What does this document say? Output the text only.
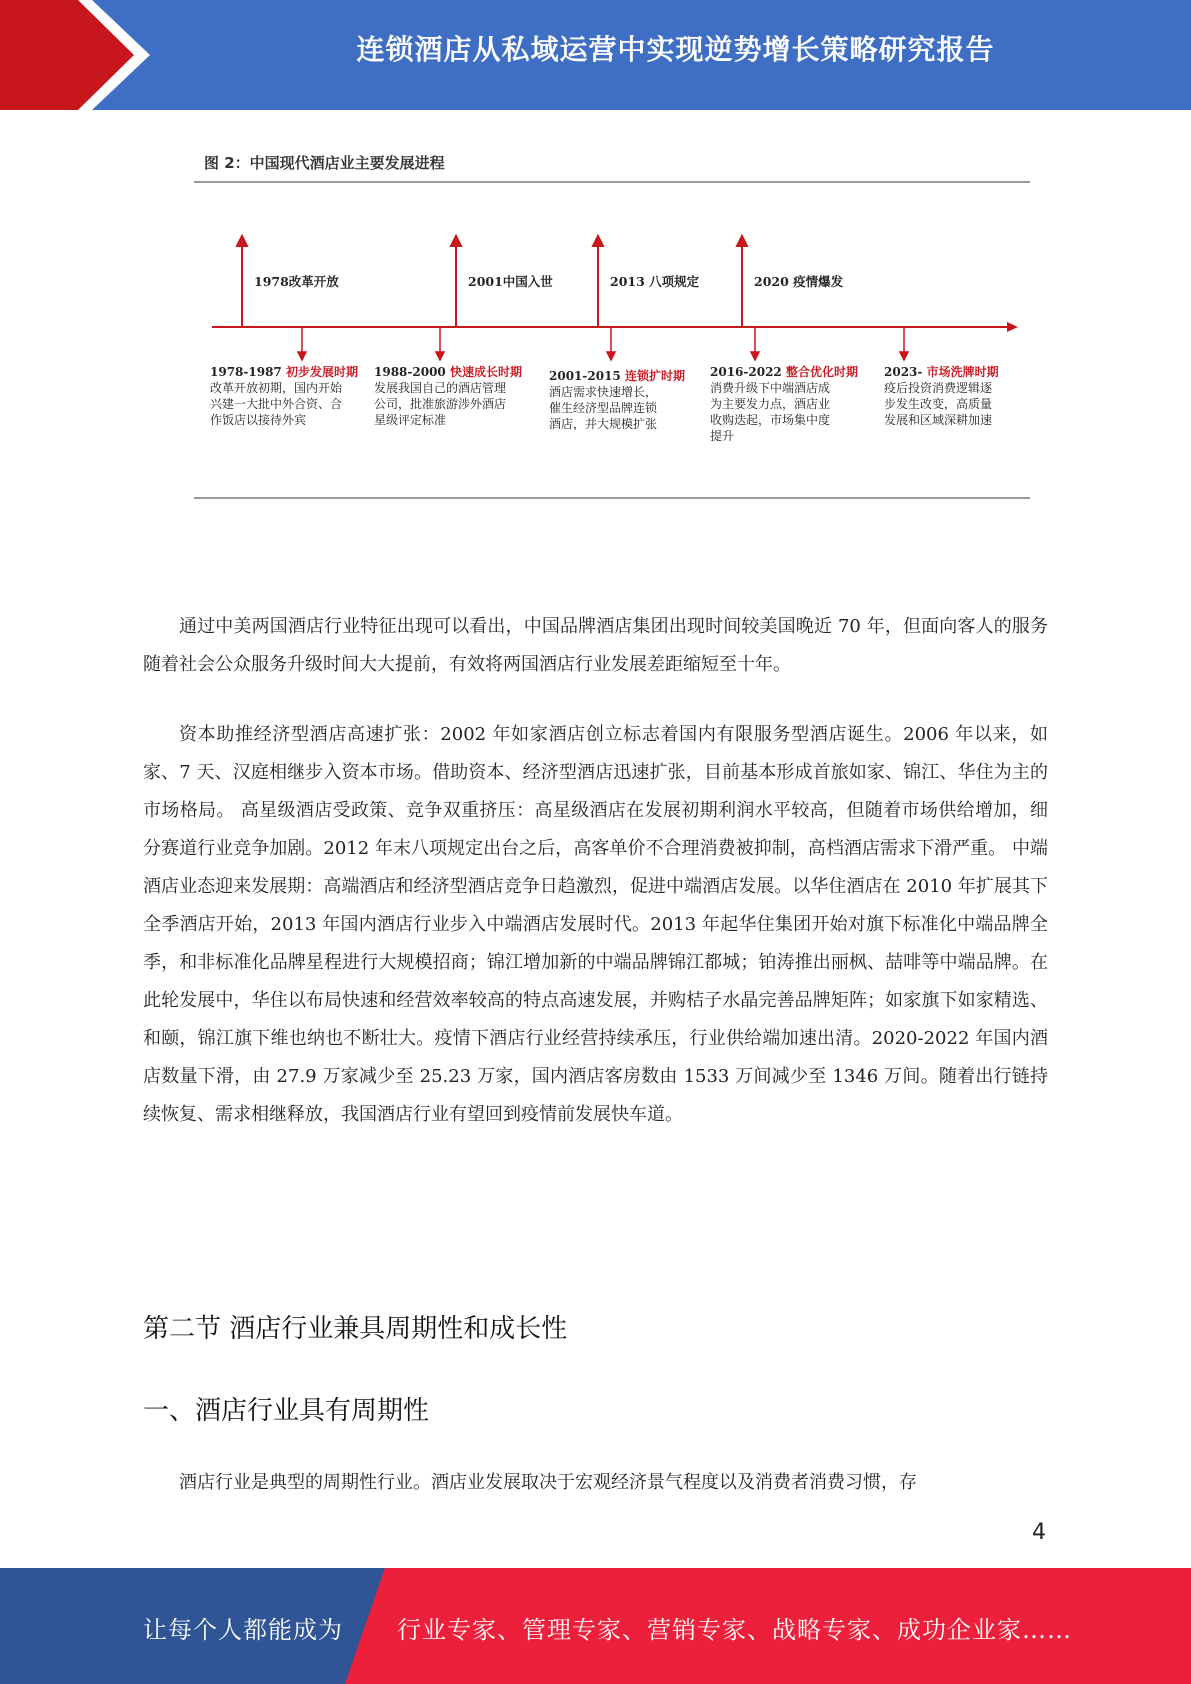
连锁酒店从私域运营中实现逆势增长策略研究报告
图 2：中国现代酒店业主要发展进程
1978改革开放	2001中国入世	2013 八项规定	2020 疫情爆发
1978-1987 初步发展时期
改革开放初期，国内开始
兴建一大批中外合资、合
作饭店以接待外宾
1988-2000 快速成长时期
发展我国自己的酒店管理
公司，批准旅游涉外酒店
星级评定标准
2001-2015 连锁扩时期
酒店需求快速增长，
催生经济型品牌连锁
酒店，并大规模扩张
2016-2022 整合优化时期
消费升级下中端酒店成
为主要发力点，酒店业
收购迭起，市场集中度
提升
2023- 市场洗牌时期
疫后投资消费逻辑逐
步发生改变，高质量
发展和区域深耕加速

通过中美两国酒店行业特征出现可以看出，中国品牌酒店集团出现时间较美国晚近 70 年，但面向客人的服务随着社会公众服务升级时间大大提前，有效将两国酒店行业发展差距缩短至十年。

资本助推经济型酒店高速扩张：2002 年如家酒店创立标志着国内有限服务型酒店诞生。2006 年以来，如家、7 天、汉庭相继步入资本市场。借助资本、经济型酒店迅速扩张，目前基本形成首旅如家、锦江、华住为主的市场格局。 高星级酒店受政策、竞争双重挤压：高星级酒店在发展初期利润水平较高，但随着市场供给增加，细分赛道行业竞争加剧。2012 年末八项规定出台之后，高客单价不合理消费被抑制，高档酒店需求下滑严重。 中端酒店业态迎来发展期：高端酒店和经济型酒店竞争日趋激烈，促进中端酒店发展。以华住酒店在 2010 年扩展其下全季酒店开始，2013 年国内酒店行业步入中端酒店发展时代。2013 年起华住集团开始对旗下标准化中端品牌全季，和非标准化品牌星程进行大规模招商；锦江增加新的中端品牌锦江都城；铂涛推出丽枫、喆啡等中端品牌。在此轮发展中，华住以布局快速和经营效率较高的特点高速发展，并购桔子水晶完善品牌矩阵；如家旗下如家精选、和颐，锦江旗下维也纳也不断壮大。疫情下酒店行业经营持续承压，行业供给端加速出清。2020-2022 年国内酒店数量下滑，由 27.9 万家减少至 25.23 万家，国内酒店客房数由 1533 万间减少至 1346 万间。随着出行链持续恢复、需求相继释放，我国酒店行业有望回到疫情前发展快车道。

第二节 酒店行业兼具周期性和成长性
一、酒店行业具有周期性

酒店行业是典型的周期性行业。酒店业发展取决于宏观经济景气程度以及消费者消费习惯，存

4
让每个人都能成为 行业专家、管理专家、营销专家、战略专家、成功企业家……
